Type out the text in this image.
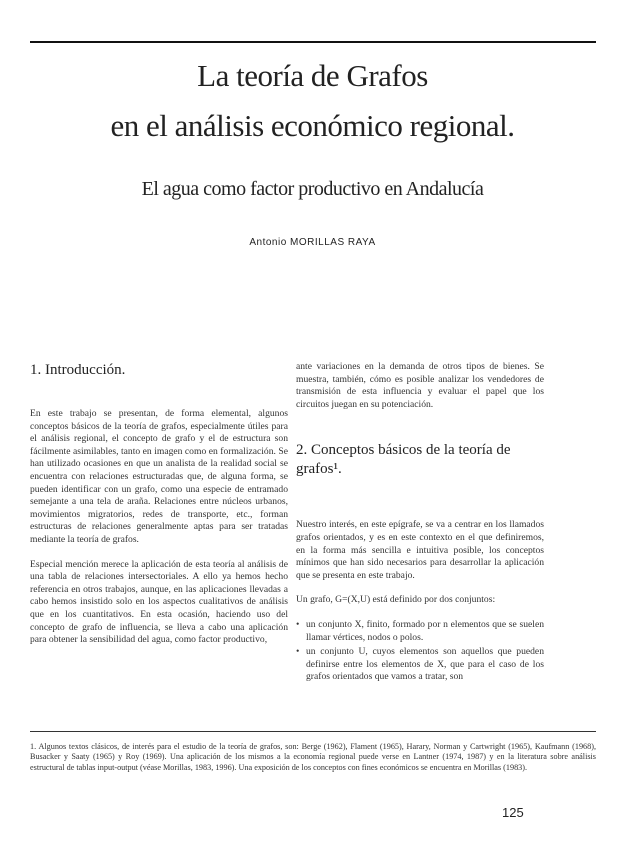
La teoría de Grafos
en el análisis económico regional.
El agua como factor productivo en Andalucía
Antonio MORILLAS RAYA
1. Introducción.

En este trabajo se presentan, de forma elemental, algunos conceptos básicos de la teoría de grafos, especialmente útiles para el análisis regional, el concepto de grafo y el de estructura son fácilmente asimilables, tanto en imagen como en formalización. Se han utilizado ocasiones en que un analista de la realidad social se encuentra con relaciones estructuradas que, de alguna forma, se pueden identificar con un grafo, como una especie de entramado semejante a una tela de araña. Relaciones entre núcleos urbanos, movimientos migratorios, redes de transporte, etc., forman estructuras de relaciones generalmente aptas para ser tratadas mediante la teoría de grafos.

Especial mención merece la aplicación de esta teoría al análisis de una tabla de relaciones intersectoriales. A ello ya hemos hecho referencia en otros trabajos, aunque, en las aplicaciones llevadas a cabo hemos insistido solo en los aspectos cualitativos de análisis que en los cuantitativos. En esta ocasión, haciendo uso del concepto de grafo de influencia, se lleva a cabo una aplicación para obtener la sensibilidad del agua, como factor productivo,

ante variaciones en la demanda de otros tipos de bienes. Se muestra, también, cómo es posible analizar los vendedores de transmisión de esta influencia y evaluar el papel que los circuitos juegan en su potenciación.

2. Conceptos básicos de la teoría de grafos¹.

Nuestro interés, en este epígrafe, se va a centrar en los llamados grafos orientados, y es en este contexto en el que definiremos, en la forma más sencilla e intuitiva posible, los conceptos mínimos que han sido necesarios para desarrollar la aplicación que se presenta en este trabajo.

Un grafo, G=(X,U) está definido por dos conjuntos:

• un conjunto X, finito, formado por n elementos que se suelen llamar vértices, nodos o polos.
• un conjunto U, cuyos elementos son aquellos que pueden definirse entre los elementos de X, que para el caso de los grafos orientados que vamos a tratar, son
1. Algunos textos clásicos, de interés para el estudio de la teoría de grafos, son: Berge (1962), Flament (1965), Harary, Norman y Cartwright (1965), Kaufmann (1968), Busacker y Saaty (1965) y Roy (1969). Una aplicación de los mismos a la economía regional puede verse en Lantner (1974, 1987) y en la literatura sobre análisis estructural de tablas input-output (véase Morillas, 1983, 1996). Una exposición de los conceptos con fines económicos se encuentra en Morillas (1983).
125
